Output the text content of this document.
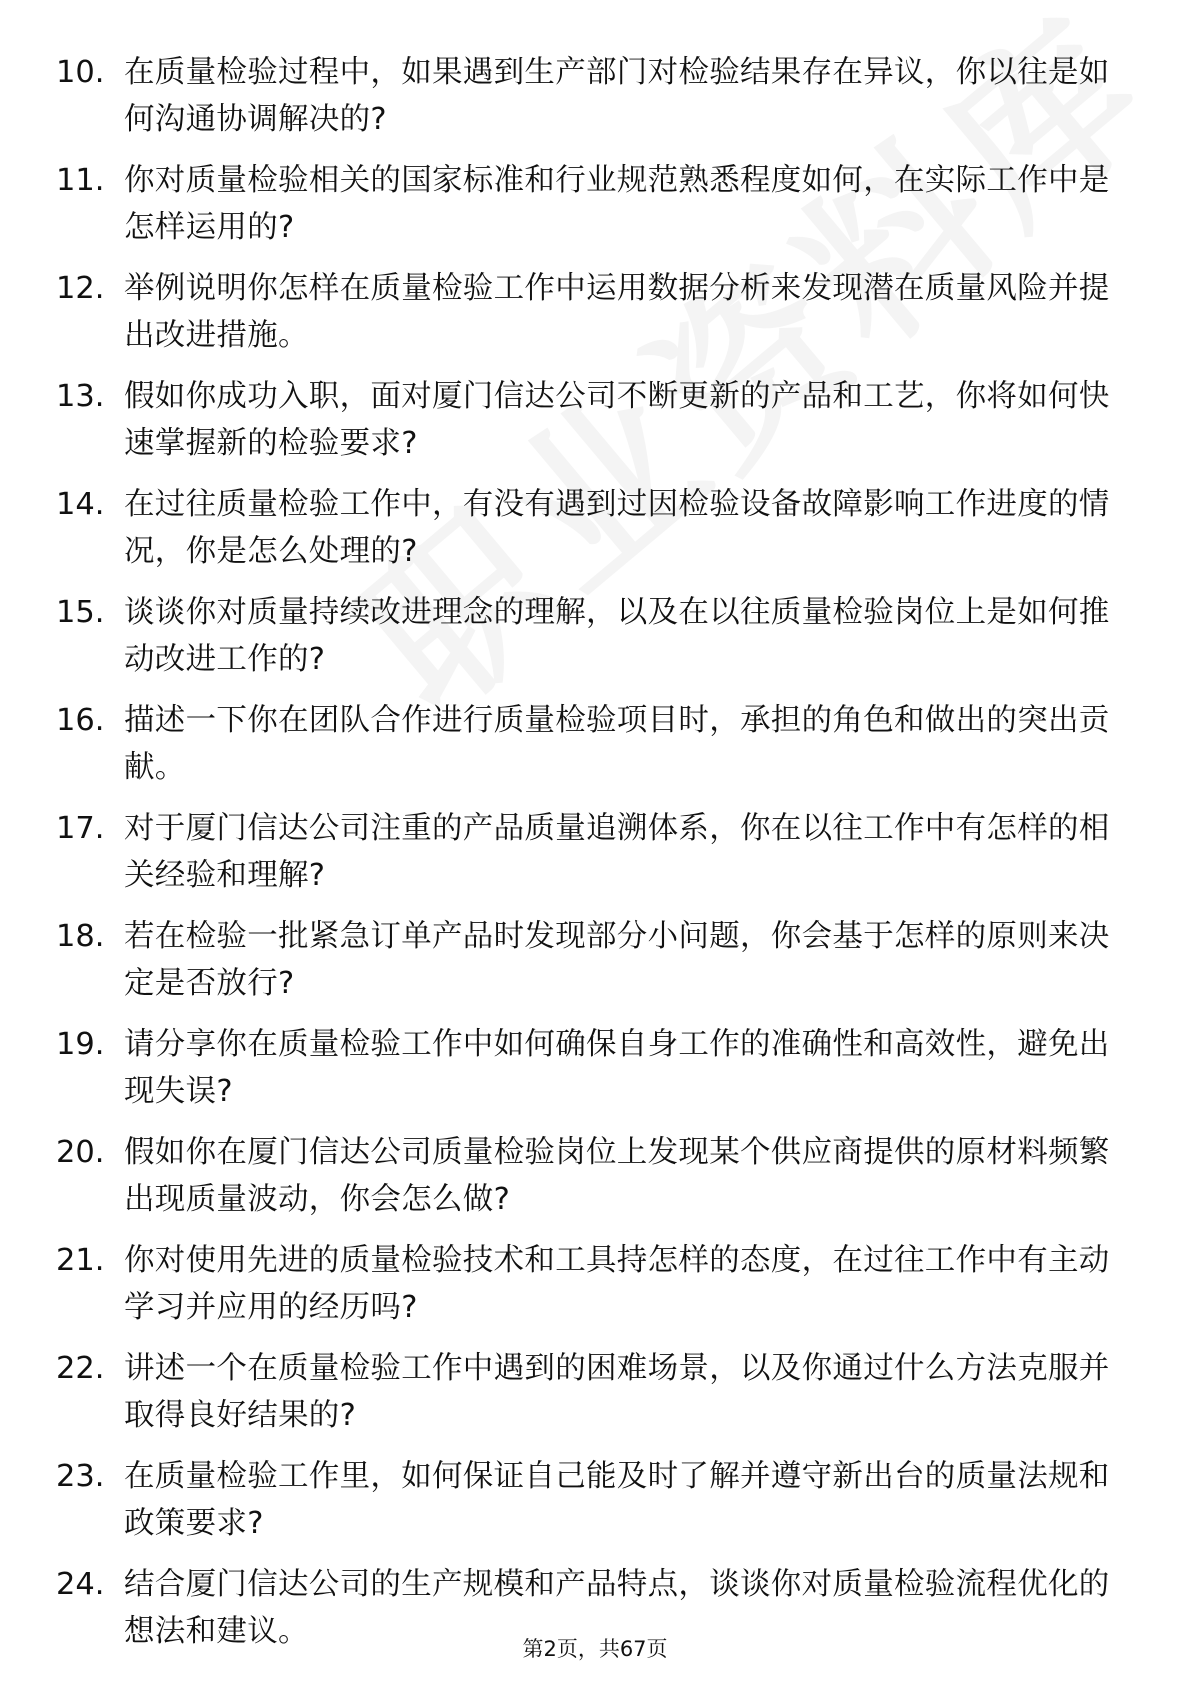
10. 在质量检验过程中，如果遇到生产部门对检验结果存在异议，你以往是如何沟通协调解决的?
11. 你对质量检验相关的国家标准和行业规范熟悉程度如何，在实际工作中是怎样运用的?
12. 举例说明你怎样在质量检验工作中运用数据分析来发现潜在质量风险并提出改进措施。
13. 假如你成功入职，面对厦门信达公司不断更新的产品和工艺，你将如何快速掌握新的检验要求?
14. 在过往质量检验工作中，有没有遇到过因检验设备故障影响工作进度的情况，你是怎么处理的?
15. 谈谈你对质量持续改进理念的理解，以及在以往质量检验岗位上是如何推动改进工作的?
16. 描述一下你在团队合作进行质量检验项目时，承担的角色和做出的突出贡献。
17. 对于厦门信达公司注重的产品质量追溯体系，你在以往工作中有怎样的相关经验和理解?
18. 若在检验一批紧急订单产品时发现部分小问题，你会基于怎样的原则来决定是否放行?
19. 请分享你在质量检验工作中如何确保自身工作的准确性和高效性，避免出现失误?
20. 假如你在厦门信达公司质量检验岗位上发现某个供应商提供的原材料频繁出现质量波动，你会怎么做?
21. 你对使用先进的质量检验技术和工具持怎样的态度，在过往工作中有主动学习并应用的经历吗?
22. 讲述一个在质量检验工作中遇到的困难场景，以及你通过什么方法克服并取得良好结果的?
23. 在质量检验工作里，如何保证自己能及时了解并遵守新出台的质量法规和政策要求?
24. 结合厦门信达公司的生产规模和产品特点，谈谈你对质量检验流程优化的想法和建议。
第2页，共67页
